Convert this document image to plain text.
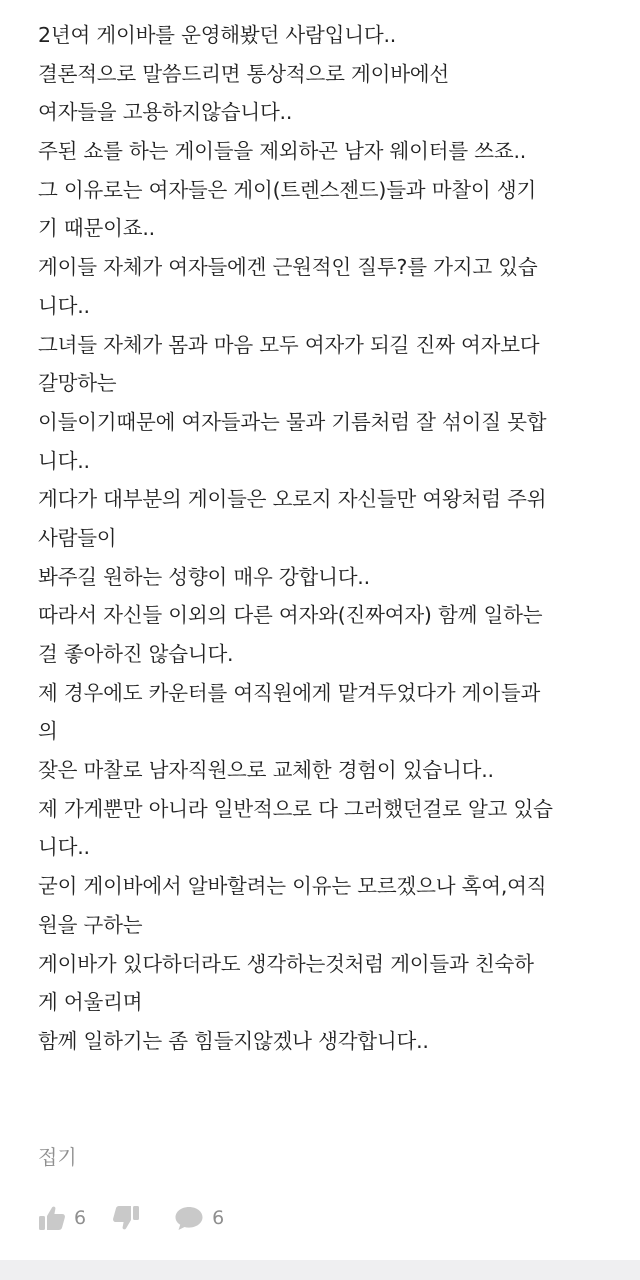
2년여 게이바를 운영해봤던 사람입니다..
결론적으로 말씀드리면 통상적으로 게이바에선
여자들을 고용하지않습니다..
주된 쇼를 하는 게이들을 제외하곤 남자 웨이터를 쓰죠..
그 이유로는 여자들은 게이(트렌스젠드)들과 마찰이 생기
기 때문이죠..
게이들 자체가 여자들에겐 근원적인 질투?를 가지고 있습
니다..
그녀들 자체가 몸과 마음 모두 여자가 되길 진짜 여자보다
갈망하는
이들이기때문에 여자들과는 물과 기름처럼 잘 섞이질 못합
니다..
게다가 대부분의 게이들은 오로지 자신들만 여왕처럼 주위
사람들이
봐주길 원하는 성향이 매우 강합니다..
따라서 자신들 이외의 다른 여자와(진짜여자) 함께 일하는
걸 좋아하진 않습니다.
제 경우에도 카운터를 여직원에게 맡겨두었다가 게이들과
의
잦은 마찰로 남자직원으로 교체한 경험이 있습니다..
제 가게뿐만 아니라 일반적으로 다 그러했던걸로 알고 있습
니다..
굳이 게이바에서 알바할려는 이유는 모르겠으나 혹여,여직
원을 구하는
게이바가 있다하더라도 생각하는것처럼 게이들과 친숙하
게 어울리며
함께 일하기는 좀 힘들지않겠나 생각합니다..
접기
6	6
